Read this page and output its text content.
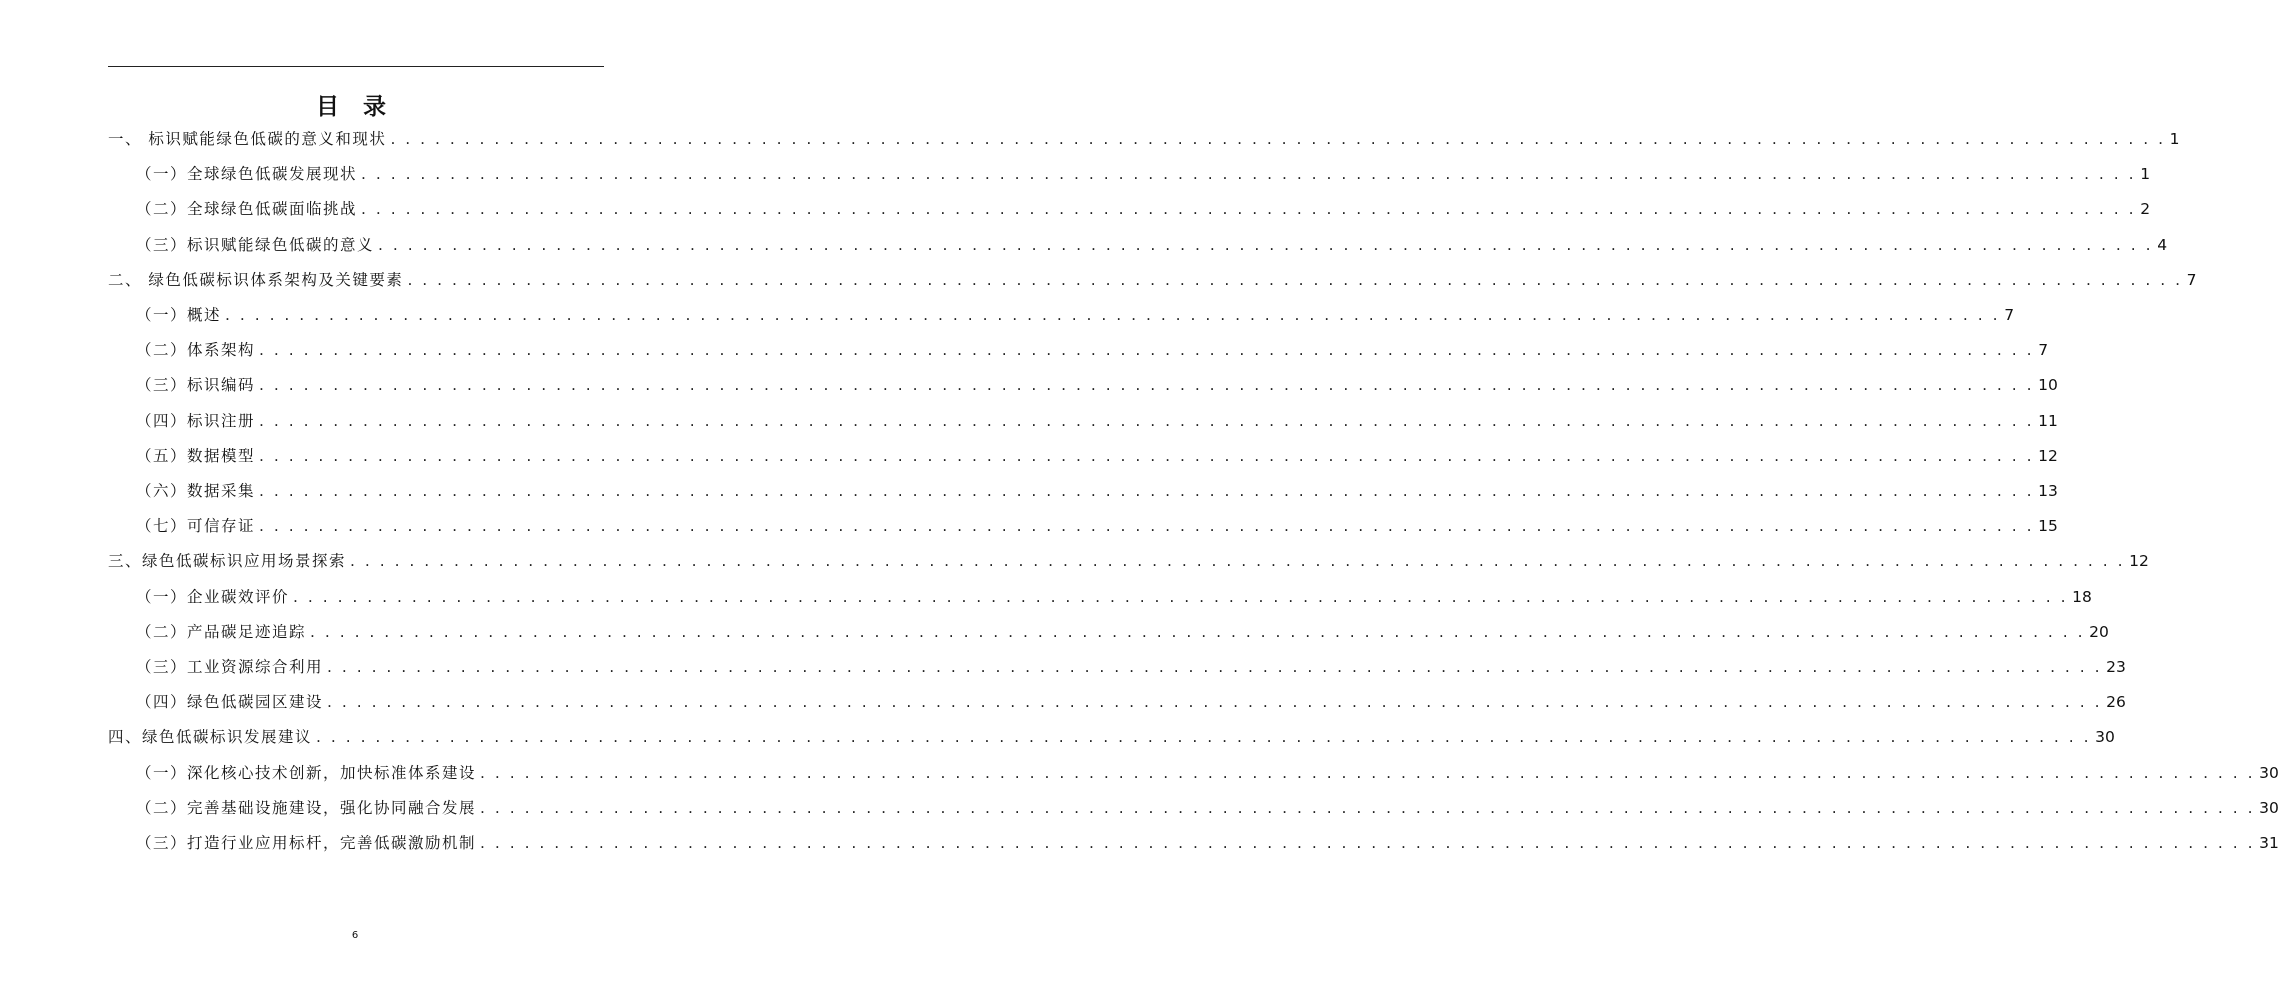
目 录
一、 标识赋能绿色低碳的意义和现状 . . . . . . . . . . . . . . . . . . . . . . . . . . . . . . . . . . . . . . . . . . . . . . . . . . . . . . . . . . . . . . . . . . . . . . . . . . . . . . . . . . . . . . . . . . . . . . . . . . . . . . . . . . . . . . . . . . . . . . . . 1
（一）全球绿色低碳发展现状 . . . . . . . . . . . . . . . . . . . . . . . . . . . . . . . . . . . . . . . . . . . . . . . . . . . . . . . . . . . . . . . . . . . . . . . . . . . . . . . . . . . . . . . . . . . . . . . . . . . . . . . . . . . . . . . . . . . . . . . . 1
（二）全球绿色低碳面临挑战 . . . . . . . . . . . . . . . . . . . . . . . . . . . . . . . . . . . . . . . . . . . . . . . . . . . . . . . . . . . . . . . . . . . . . . . . . . . . . . . . . . . . . . . . . . . . . . . . . . . . . . . . . . . . . . . . . . . . . . . . 2
（三）标识赋能绿色低碳的意义 . . . . . . . . . . . . . . . . . . . . . . . . . . . . . . . . . . . . . . . . . . . . . . . . . . . . . . . . . . . . . . . . . . . . . . . . . . . . . . . . . . . . . . . . . . . . . . . . . . . . . . . . . . . . . . . . . . . . . . . . 4
二、 绿色低碳标识体系架构及关键要素 . . . . . . . . . . . . . . . . . . . . . . . . . . . . . . . . . . . . . . . . . . . . . . . . . . . . . . . . . . . . . . . . . . . . . . . . . . . . . . . . . . . . . . . . . . . . . . . . . . . . . . . . . . . . . . . . . . . . . . . . 7
（一）概述 . . . . . . . . . . . . . . . . . . . . . . . . . . . . . . . . . . . . . . . . . . . . . . . . . . . . . . . . . . . . . . . . . . . . . . . . . . . . . . . . . . . . . . . . . . . . . . . . . . . . . . . . . . . . . . . . . . . . . . . . 7
（二）体系架构 . . . . . . . . . . . . . . . . . . . . . . . . . . . . . . . . . . . . . . . . . . . . . . . . . . . . . . . . . . . . . . . . . . . . . . . . . . . . . . . . . . . . . . . . . . . . . . . . . . . . . . . . . . . . . . . . . . . . . . . . 7
（三）标识编码 . . . . . . . . . . . . . . . . . . . . . . . . . . . . . . . . . . . . . . . . . . . . . . . . . . . . . . . . . . . . . . . . . . . . . . . . . . . . . . . . . . . . . . . . . . . . . . . . . . . . . . . . . . . . . . . . . . . . . . . . 10
（四）标识注册 . . . . . . . . . . . . . . . . . . . . . . . . . . . . . . . . . . . . . . . . . . . . . . . . . . . . . . . . . . . . . . . . . . . . . . . . . . . . . . . . . . . . . . . . . . . . . . . . . . . . . . . . . . . . . . . . . . . . . . . . 11
（五）数据模型 . . . . . . . . . . . . . . . . . . . . . . . . . . . . . . . . . . . . . . . . . . . . . . . . . . . . . . . . . . . . . . . . . . . . . . . . . . . . . . . . . . . . . . . . . . . . . . . . . . . . . . . . . . . . . . . . . . . . . . . . 12
（六）数据采集 . . . . . . . . . . . . . . . . . . . . . . . . . . . . . . . . . . . . . . . . . . . . . . . . . . . . . . . . . . . . . . . . . . . . . . . . . . . . . . . . . . . . . . . . . . . . . . . . . . . . . . . . . . . . . . . . . . . . . . . . 13
（七）可信存证 . . . . . . . . . . . . . . . . . . . . . . . . . . . . . . . . . . . . . . . . . . . . . . . . . . . . . . . . . . . . . . . . . . . . . . . . . . . . . . . . . . . . . . . . . . . . . . . . . . . . . . . . . . . . . . . . . . . . . . . . 15
三、绿色低碳标识应用场景探索 . . . . . . . . . . . . . . . . . . . . . . . . . . . . . . . . . . . . . . . . . . . . . . . . . . . . . . . . . . . . . . . . . . . . . . . . . . . . . . . . . . . . . . . . . . . . . . . . . . . . . . . . . . . . . . . . . . . . . . . . 12
（一）企业碳效评价 . . . . . . . . . . . . . . . . . . . . . . . . . . . . . . . . . . . . . . . . . . . . . . . . . . . . . . . . . . . . . . . . . . . . . . . . . . . . . . . . . . . . . . . . . . . . . . . . . . . . . . . . . . . . . . . . . . . . . . . . 18
（二）产品碳足迹追踪 . . . . . . . . . . . . . . . . . . . . . . . . . . . . . . . . . . . . . . . . . . . . . . . . . . . . . . . . . . . . . . . . . . . . . . . . . . . . . . . . . . . . . . . . . . . . . . . . . . . . . . . . . . . . . . . . . . . . . . . . 20
（三）工业资源综合利用 . . . . . . . . . . . . . . . . . . . . . . . . . . . . . . . . . . . . . . . . . . . . . . . . . . . . . . . . . . . . . . . . . . . . . . . . . . . . . . . . . . . . . . . . . . . . . . . . . . . . . . . . . . . . . . . . . . . . . . . . 23
（四）绿色低碳园区建设 . . . . . . . . . . . . . . . . . . . . . . . . . . . . . . . . . . . . . . . . . . . . . . . . . . . . . . . . . . . . . . . . . . . . . . . . . . . . . . . . . . . . . . . . . . . . . . . . . . . . . . . . . . . . . . . . . . . . . . . . 26
四、绿色低碳标识发展建议 . . . . . . . . . . . . . . . . . . . . . . . . . . . . . . . . . . . . . . . . . . . . . . . . . . . . . . . . . . . . . . . . . . . . . . . . . . . . . . . . . . . . . . . . . . . . . . . . . . . . . . . . . . . . . . . . . . . . . . . . 30
（一）深化核心技术创新，加快标准体系建设 . . . . . . . . . . . . . . . . . . . . . . . . . . . . . . . . . . . . . . . . . . . . . . . . . . . . . . . . . . . . . . . . . . . . . . . . . . . . . . . . . . . . . . . . . . . . . . . . . . . . . . . . . . . . . . . . . . . . . . . . 30
（二）完善基础设施建设，强化协同融合发展 . . . . . . . . . . . . . . . . . . . . . . . . . . . . . . . . . . . . . . . . . . . . . . . . . . . . . . . . . . . . . . . . . . . . . . . . . . . . . . . . . . . . . . . . . . . . . . . . . . . . . . . . . . . . . . . . . . . . . . . . 30
（三）打造行业应用标杆，完善低碳激励机制 . . . . . . . . . . . . . . . . . . . . . . . . . . . . . . . . . . . . . . . . . . . . . . . . . . . . . . . . . . . . . . . . . . . . . . . . . . . . . . . . . . . . . . . . . . . . . . . . . . . . . . . . . . . . . . . . . . . . . . . . 31
6
